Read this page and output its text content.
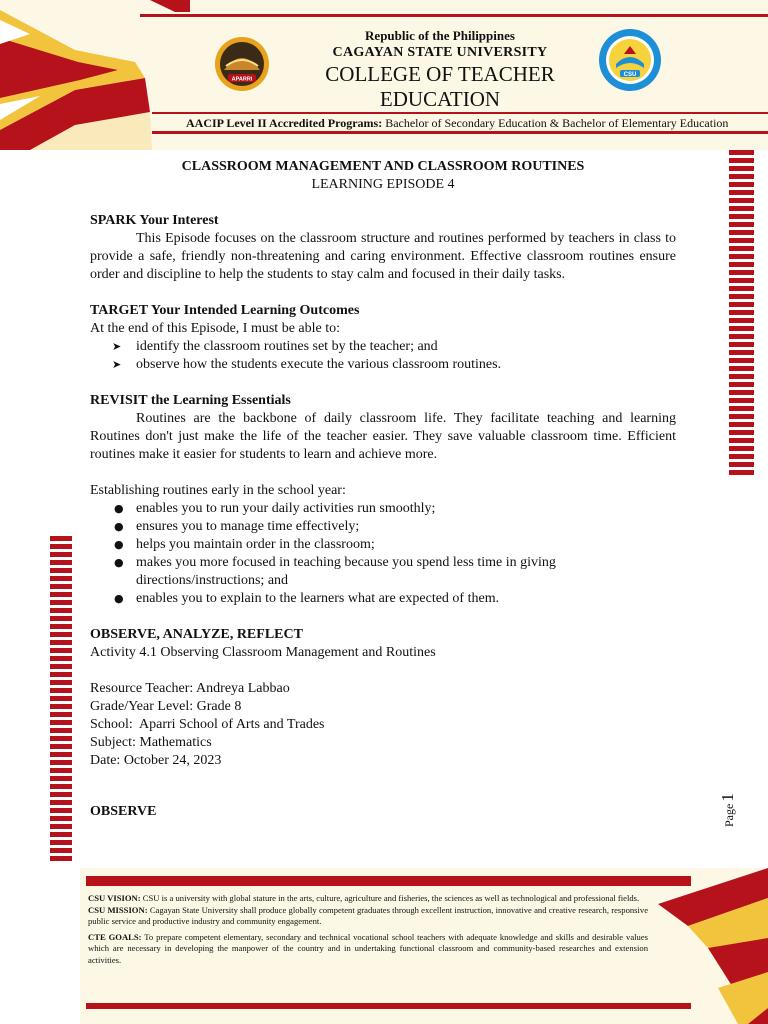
APARRI
Republic of the Philippines
CAGAYAN STATE UNIVERSITY
COLLEGE OF TEACHER EDUCATION
CSU
AACIP Level II Accredited Programs: Bachelor of Secondary Education & Bachelor of Elementary Education
Page1
CLASSROOM MANAGEMENT AND CLASSROOM ROUTINES
LEARNING EPISODE 4
SPARK Your Interest
This Episode focuses on the classroom structure and routines performed by teachers in class to provide a safe, friendly non-threatening and caring environment. Effective classroom routines ensure order and discipline to help the students to stay calm and focused in their daily tasks.
TARGET Your Intended Learning Outcomes
At the end of this Episode, I must be able to:
➤ identify the classroom routines set by the teacher; and
➤ observe how the students execute the various classroom routines.
REVISIT the Learning Essentials
Routines are the backbone of daily classroom life. They facilitate teaching and learning Routines don't just make the life of the teacher easier. They save valuable classroom time. Efficient routines make it easier for students to learn and achieve more.
Establishing routines early in the school year:
● enables you to run your daily activities run smoothly;
● ensures you to manage time effectively;
● helps you maintain order in the classroom;
● makes you more focused in teaching because you spend less time in giving directions/instructions; and
● enables you to explain to the learners what are expected of them.
OBSERVE, ANALYZE, REFLECT
Activity 4.1 Observing Classroom Management and Routines
Resource Teacher: Andreya Labbao
Grade/Year Level: Grade 8
School:  Aparri School of Arts and Trades
Subject: Mathematics
Date: October 24, 2023
OBSERVE

CSU VISION: CSU is a university with global stature in the arts, culture, agriculture and fisheries, the sciences as well as technological and professional fields.

CSU MISSION: Cagayan State University shall produce globally competent graduates through excellent instruction, innovative and creative research, responsive public service and productive industry and community engagement.

CTE GOALS: To prepare competent elementary, secondary and technical vocational school teachers with adequate knowledge and skills and desirable values which are necessary in developing the manpower of the country and in undertaking functional classroom and community-based researches and extension activities.
